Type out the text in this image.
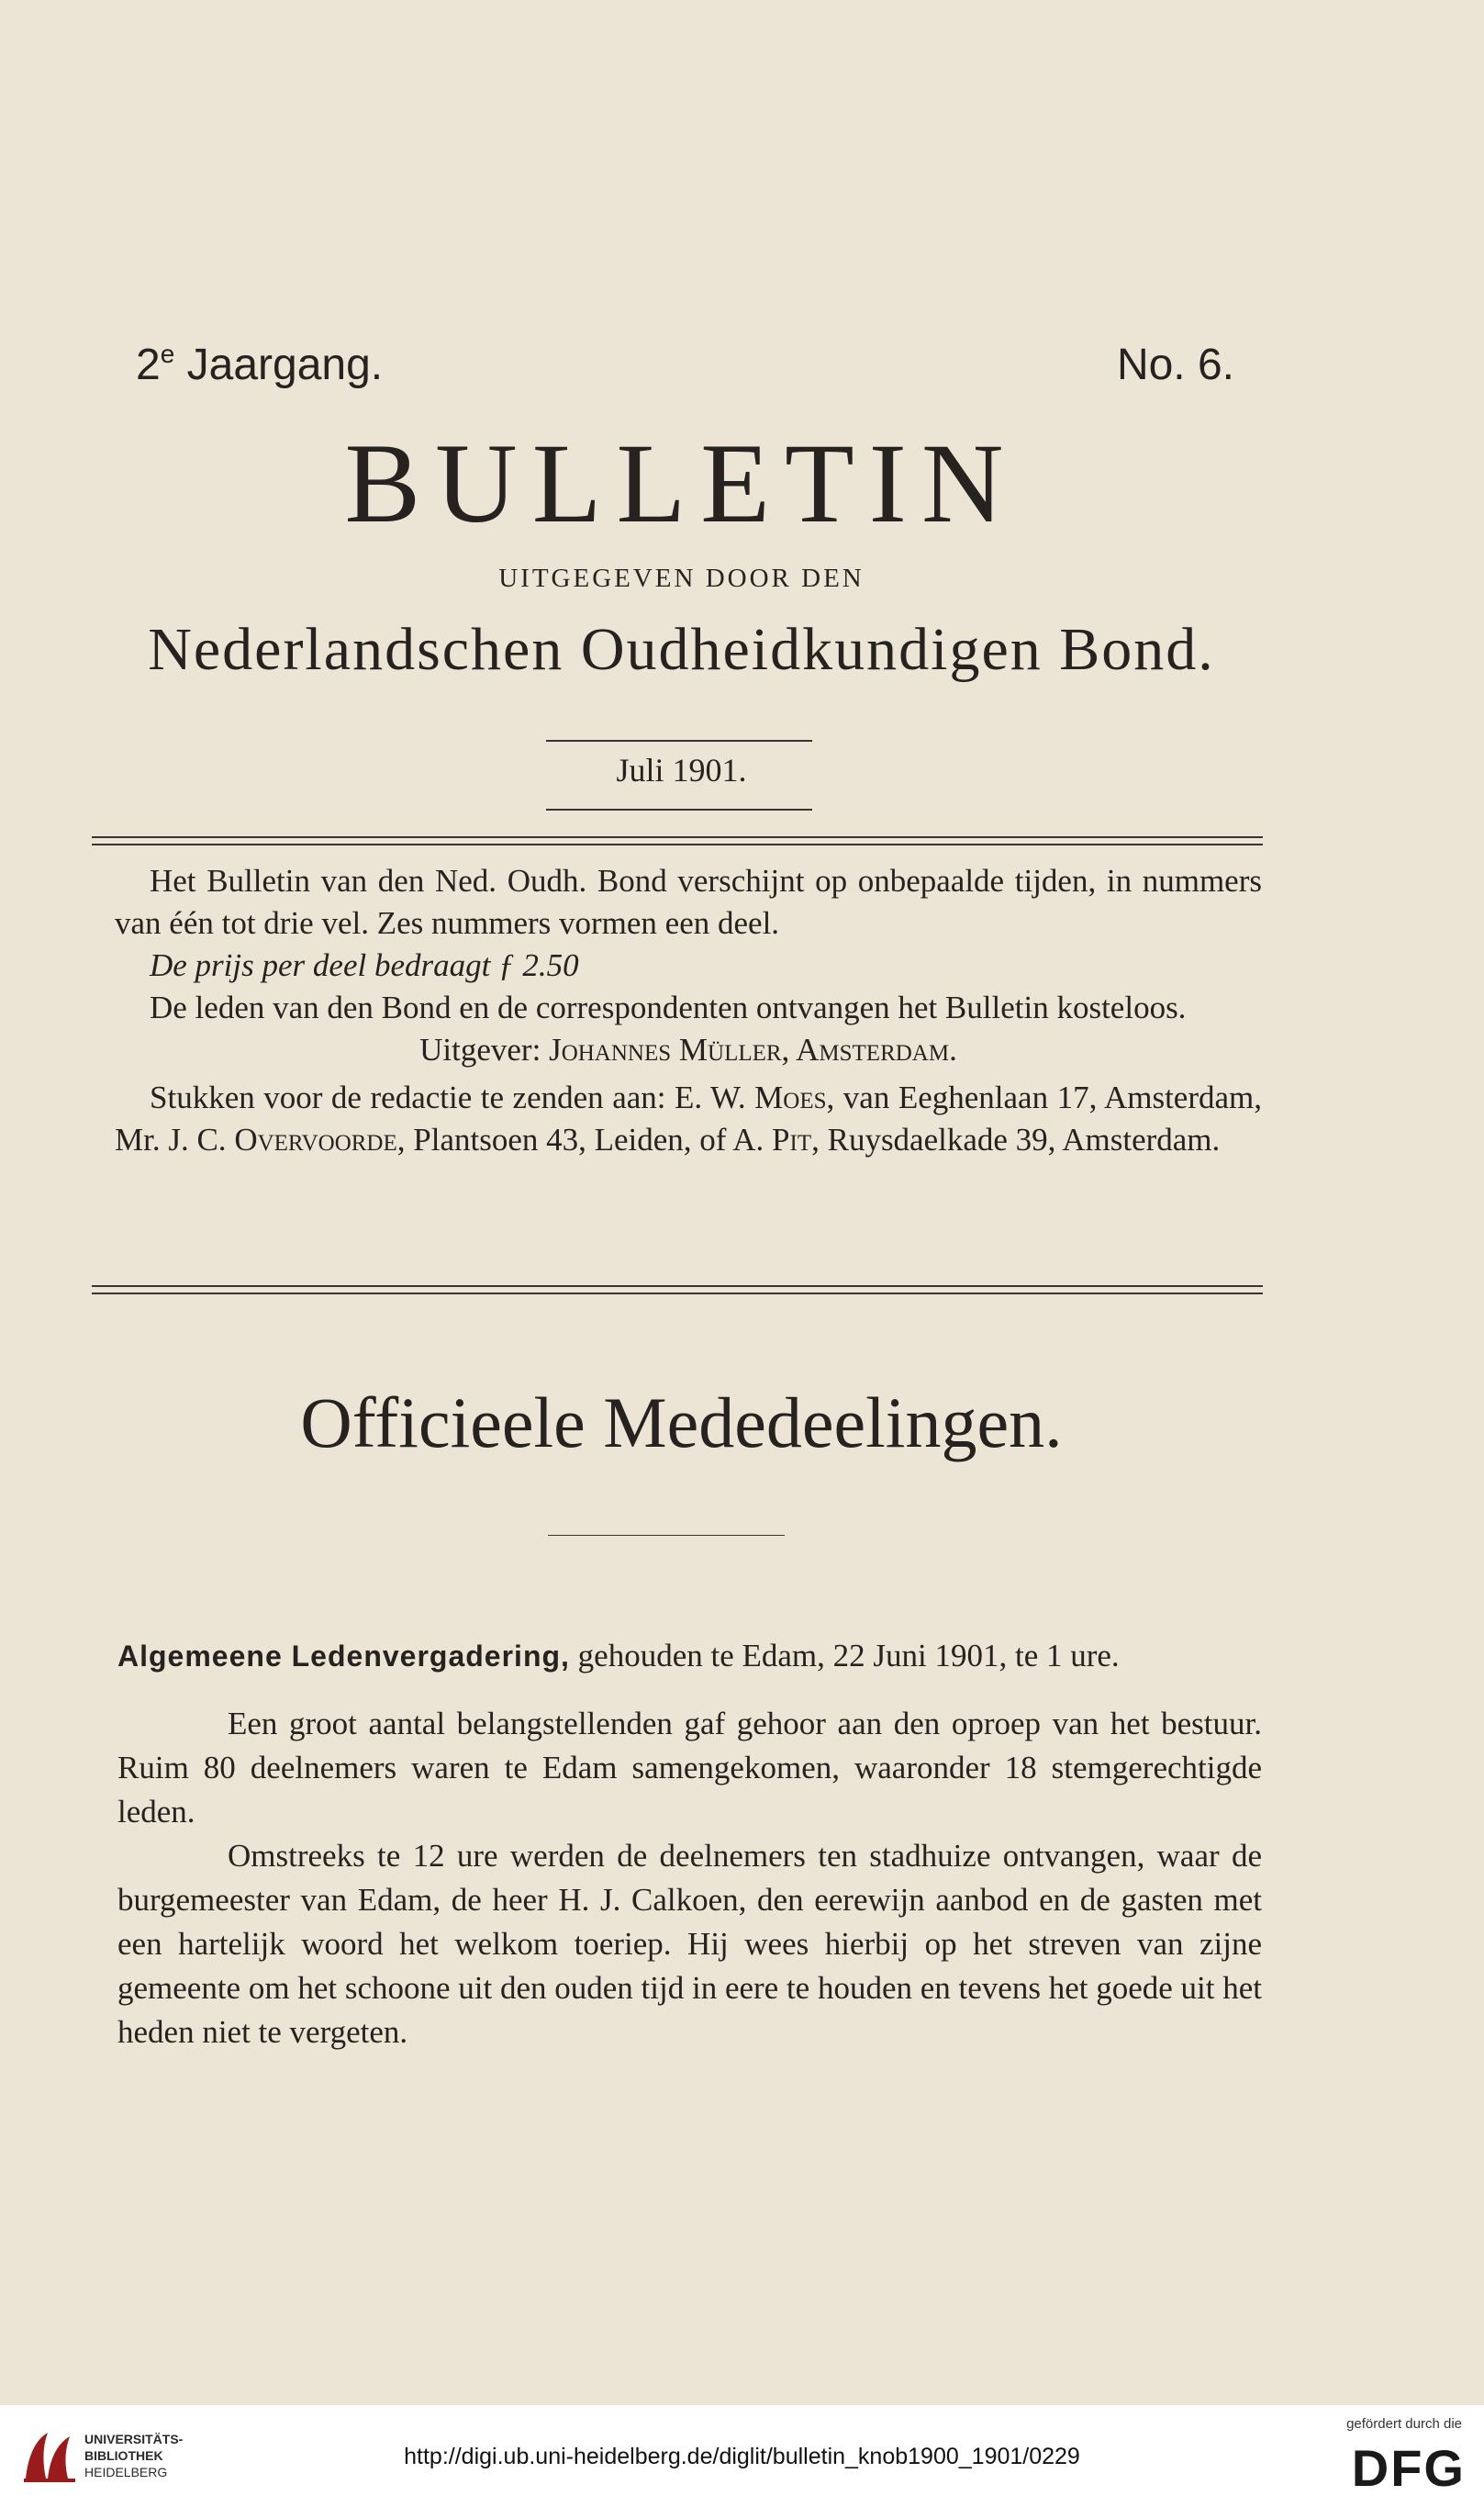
2e Jaargang.	No. 6.
BULLETIN
UITGEGEVEN DOOR DEN
Nederlandschen Oudheidkundigen Bond.
Juli 1901.

Het Bulletin van den Ned. Oudh. Bond verschijnt op onbepaalde tijden, in nummers van één tot drie vel. Zes nummers vormen een deel.

De prijs per deel bedraagt ƒ 2.50

De leden van den Bond en de correspondenten ontvangen het Bulletin kosteloos.

Uitgever: Johannes Müller, Amsterdam.

Stukken voor de redactie te zenden aan: E. W. Moes, van Eeghenlaan 17, Amsterdam, Mr. J. C. Overvoorde, Plantsoen 43, Leiden, of A. Pit, Ruysdaelkade 39, Amsterdam.

Officieele Mededeelingen.

Algemeene Ledenvergadering, gehouden te Edam, 22 Juni 1901, te 1 ure.

Een groot aantal belangstellenden gaf gehoor aan den oproep van het bestuur. Ruim 80 deelnemers waren te Edam samengekomen, waaronder 18 stemgerechtigde leden.

Omstreeks te 12 ure werden de deelnemers ten stadhuize ontvangen, waar de burgemeester van Edam, de heer H. J. Calkoen, den eerewijn aanbod en de gasten met een hartelijk woord het welkom toeriep. Hij wees hierbij op het streven van zijne gemeente om het schoone uit den ouden tijd in eere te houden en tevens het goede uit het heden niet te vergeten.

UNIVERSITÄTS-
BIBLIOTHEK
HEIDELBERG
http://digi.ub.uni-heidelberg.de/diglit/bulletin_knob1900_1901/0229
gefördert durch die
DFG
